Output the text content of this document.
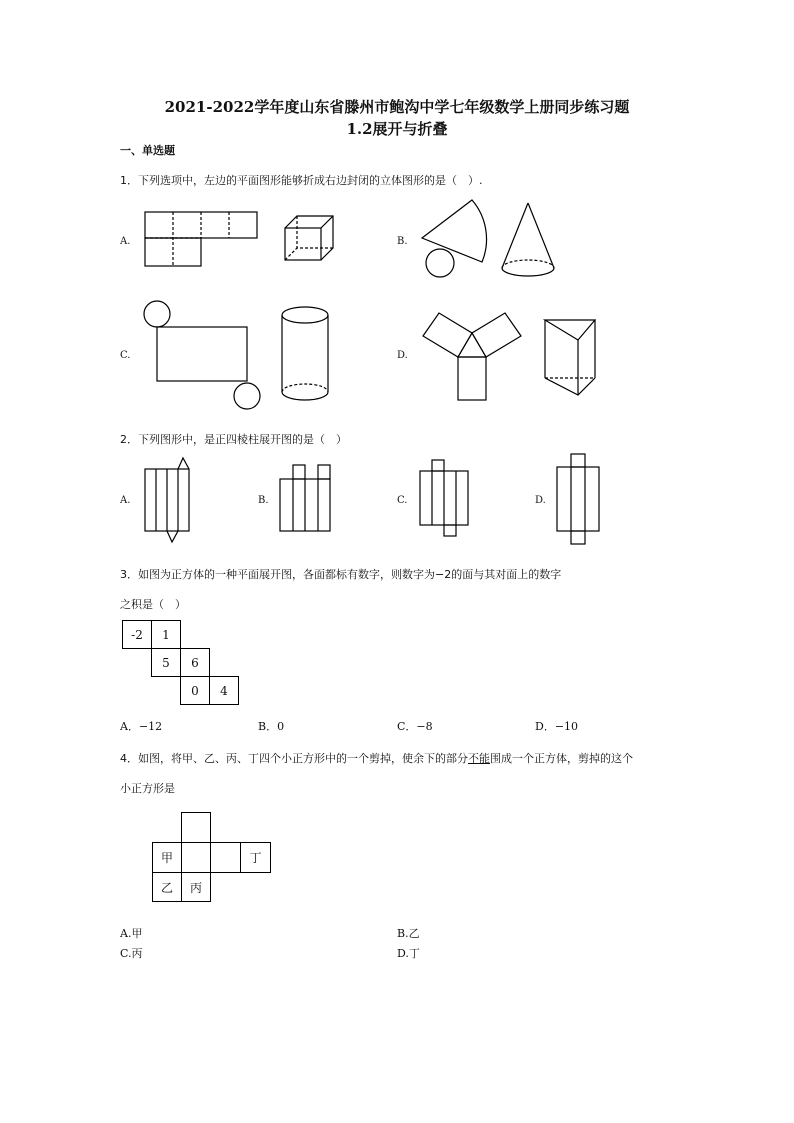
2021-2022学年度山东省滕州市鲍沟中学七年级数学上册同步练习题
1.2展开与折叠
一、单选题
1．下列选项中，左边的平面图形能够折成右边封闭的立体图形的是（　）.
A.	B.
C.	D.
2．下列图形中，是正四棱柱展开图的是（　）
A.	B.	C.	D.
3．如图为正方体的一种平面展开图，各面都标有数字，则数字为−2的面与其对面上的数字
之积是（　）
-2	1
5	6
0	4
A．−12	B．0	C．−8	D．−10
4．如图，将甲、乙、丙、丁四个小正方形中的一个剪掉，使余下的部分不能围成一个正方体，剪掉的这个
小正方形是
甲	丁
乙	丙
A.甲	B.乙
C.丙	D.丁
